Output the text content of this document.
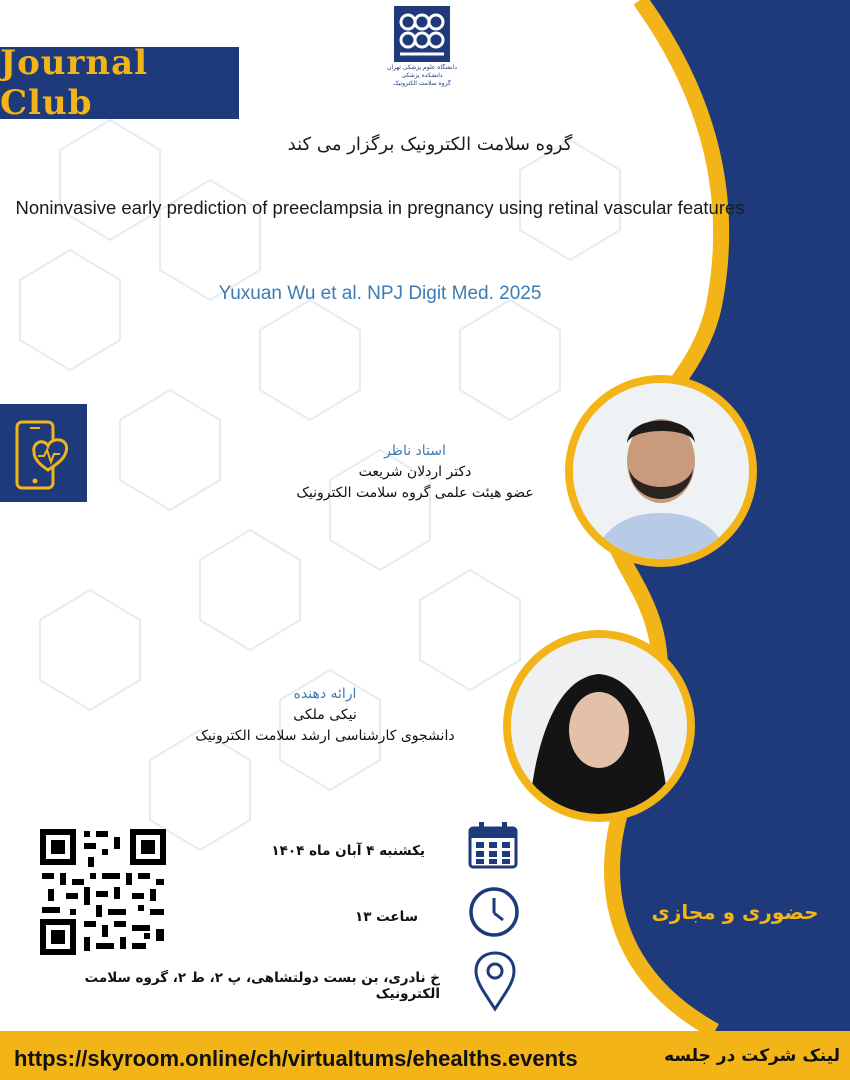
Journal Club
دانشگاه علوم پزشکی تهران
دانشکده پزشکی
گروه سلامت الکترونیک
گروه سلامت الکترونیک برگزار می کند
Noninvasive early prediction of preeclampsia in pregnancy using retinal vascular features
Yuxuan Wu et al. NPJ Digit Med. 2025
استاد ناظر
دکتر اردلان شریعت
عضو هیئت علمی گروه سلامت الکترونیک
ارائه دهنده
نیکی ملکی
دانشجوی کارشناسی ارشد سلامت الکترونیک
یکشنبه ۴ آبان ماه ۱۴۰۴
ساعت ۱۳
خ نادری، بن بست دولتشاهی، پ ۲، ط ۲، گروه سلامت الکترونیک
حضوری و مجازی
https://skyroom.online/ch/virtualtums/ehealths.events	لینک شرکت در جلسه
